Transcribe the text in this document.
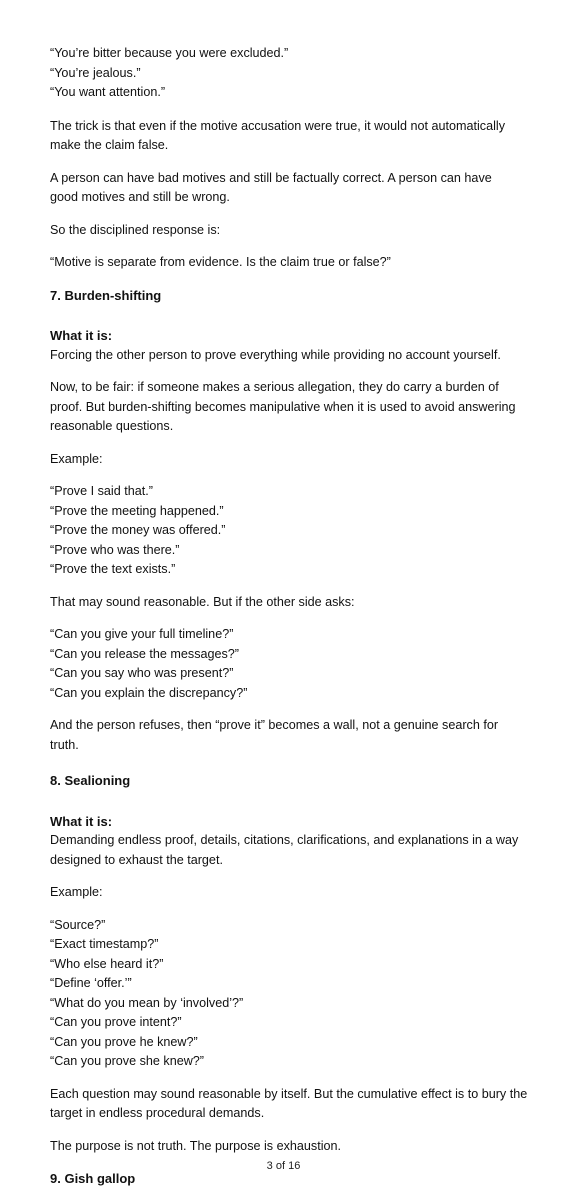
“You’re bitter because you were excluded.”
“You’re jealous.”
“You want attention.”
The trick is that even if the motive accusation were true, it would not automatically
make the claim false.
A person can have bad motives and still be factually correct. A person can have
good motives and still be wrong.
So the disciplined response is:
“Motive is separate from evidence. Is the claim true or false?”
7. Burden-shifting
What it is:
Forcing the other person to prove everything while providing no account yourself.
Now, to be fair: if someone makes a serious allegation, they do carry a burden of
proof. But burden-shifting becomes manipulative when it is used to avoid answering
reasonable questions.
Example:
“Prove I said that.”
“Prove the meeting happened.”
“Prove the money was offered.”
“Prove who was there.”
“Prove the text exists.”
That may sound reasonable. But if the other side asks:
“Can you give your full timeline?”
“Can you release the messages?”
“Can you say who was present?”
“Can you explain the discrepancy?”
And the person refuses, then “prove it” becomes a wall, not a genuine search for
truth.
8. Sealioning
What it is:
Demanding endless proof, details, citations, clarifications, and explanations in a way
designed to exhaust the target.
Example:
“Source?”
“Exact timestamp?”
“Who else heard it?”
“Define ‘offer.’”
“What do you mean by ‘involved’?”
“Can you prove intent?”
“Can you prove he knew?”
“Can you prove she knew?”
Each question may sound reasonable by itself. But the cumulative effect is to bury the
target in endless procedural demands.
The purpose is not truth. The purpose is exhaustion.
9. Gish gallop
3 of 16
